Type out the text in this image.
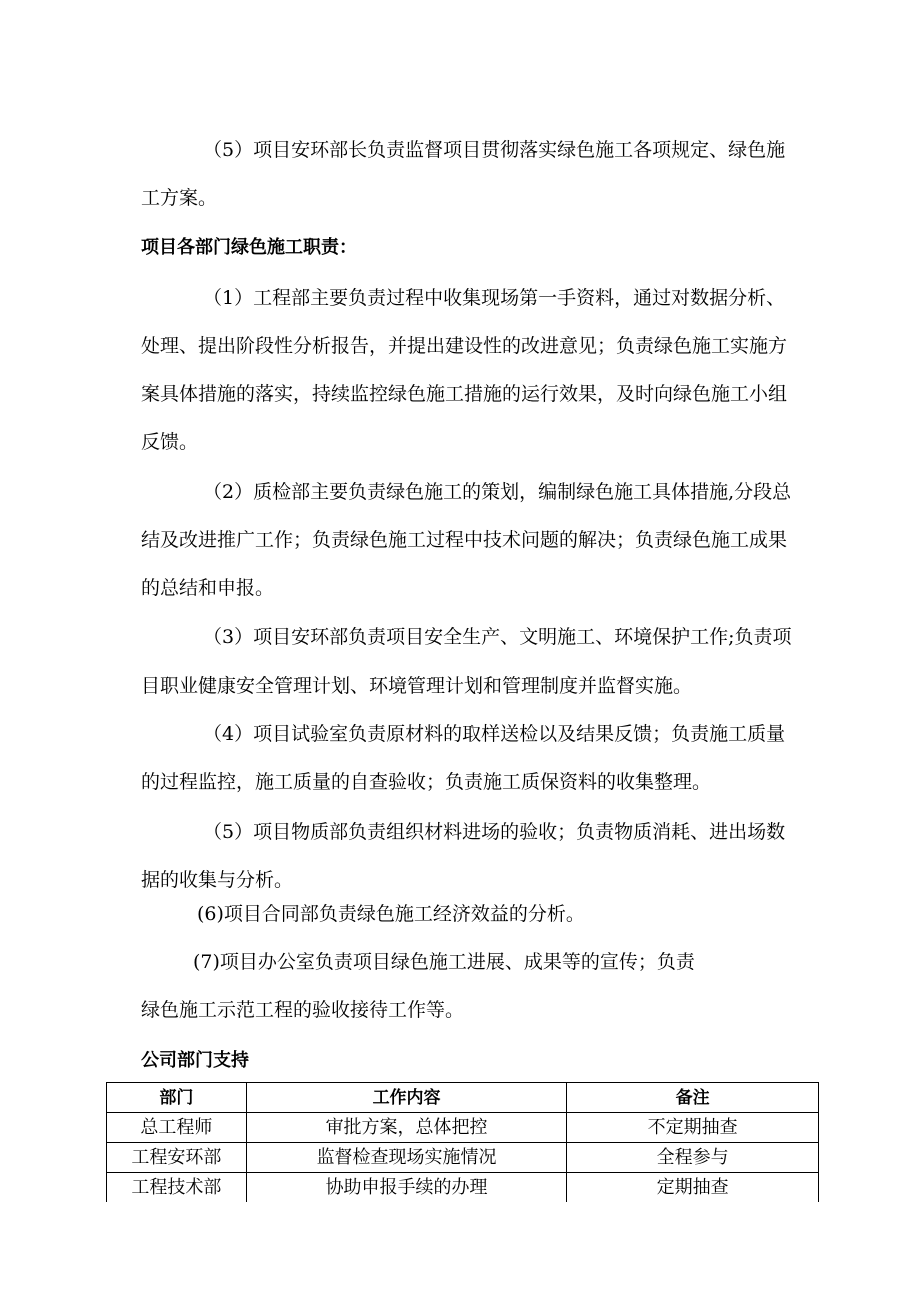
（5）项目安环部长负责监督项目贯彻落实绿色施工各项规定、绿色施
工方案。
项目各部门绿色施工职责：
（1）工程部主要负责过程中收集现场第一手资料，通过对数据分析、
处理、提出阶段性分析报告，并提出建设性的改进意见；负责绿色施工实施方
案具体措施的落实，持续监控绿色施工措施的运行效果，及时向绿色施工小组
反馈。
（2）质检部主要负责绿色施工的策划，编制绿色施工具体措施,分段总
结及改进推广工作；负责绿色施工过程中技术问题的解决；负责绿色施工成果
的总结和申报。
（3）项目安环部负责项目安全生产、文明施工、环境保护工作;负责项
目职业健康安全管理计划、环境管理计划和管理制度并监督实施。
（4）项目试验室负责原材料的取样送检以及结果反馈；负责施工质量
的过程监控，施工质量的自查验收；负责施工质保资料的收集整理。
（5）项目物质部负责组织材料进场的验收；负责物质消耗、进出场数
据的收集与分析。
(6)项目合同部负责绿色施工经济效益的分析。
(7)项目办公室负责项目绿色施工进展、成果等的宣传；负责
绿色施工示范工程的验收接待工作等。
公司部门支持
部门	工作内容	备注
总工程师	审批方案，总体把控	不定期抽查
工程安环部	监督检查现场实施情况	全程参与
工程技术部	协助申报手续的办理	定期抽查
